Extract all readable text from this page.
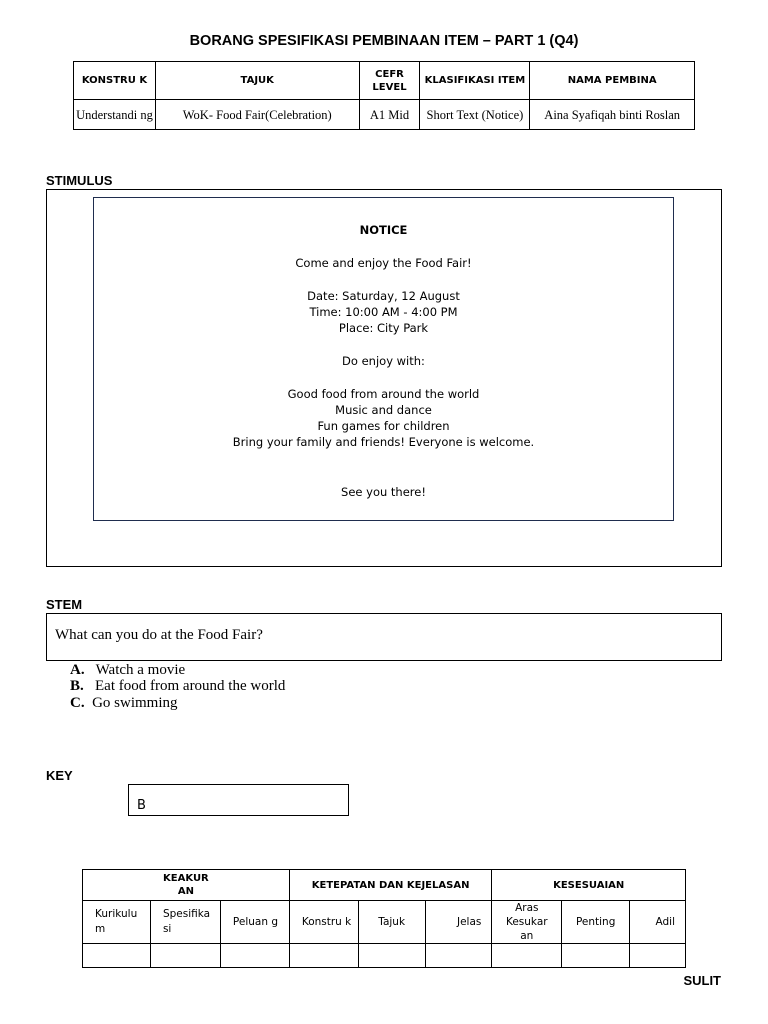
BORANG SPESIFIKASI PEMBINAAN ITEM – PART 1 (Q4)
KONSTRU K	TAJUK	CEFR LEVEL	KLASIFIKASI ITEM	NAMA PEMBINA
Understandi ng	WoK- Food Fair(Celebration)	A1 Mid	Short Text (Notice)	Aina Syafiqah binti Roslan
STIMULUS
NOTICE
Come and enjoy the Food Fair!
Date: Saturday, 12 August
Time: 10:00 AM - 4:00 PM
Place: City Park
Do enjoy with:
Good food from around the world
Music and dance
Fun games for children
Bring your family and friends! Everyone is welcome.
See you there!
STEM
What can you do at the Food Fair?
A. Watch a movie
B. Eat food from around the world
C. Go swimming
KEY
B
KEAKUR AN			KETEPATAN DAN KEJELASAN			KESESUAIAN		
Kurikulu m	Spesifika si	Peluan g	Konstru k	Tajuk	Jelas	Aras Kesukar an	Penting	Adil

SULIT
